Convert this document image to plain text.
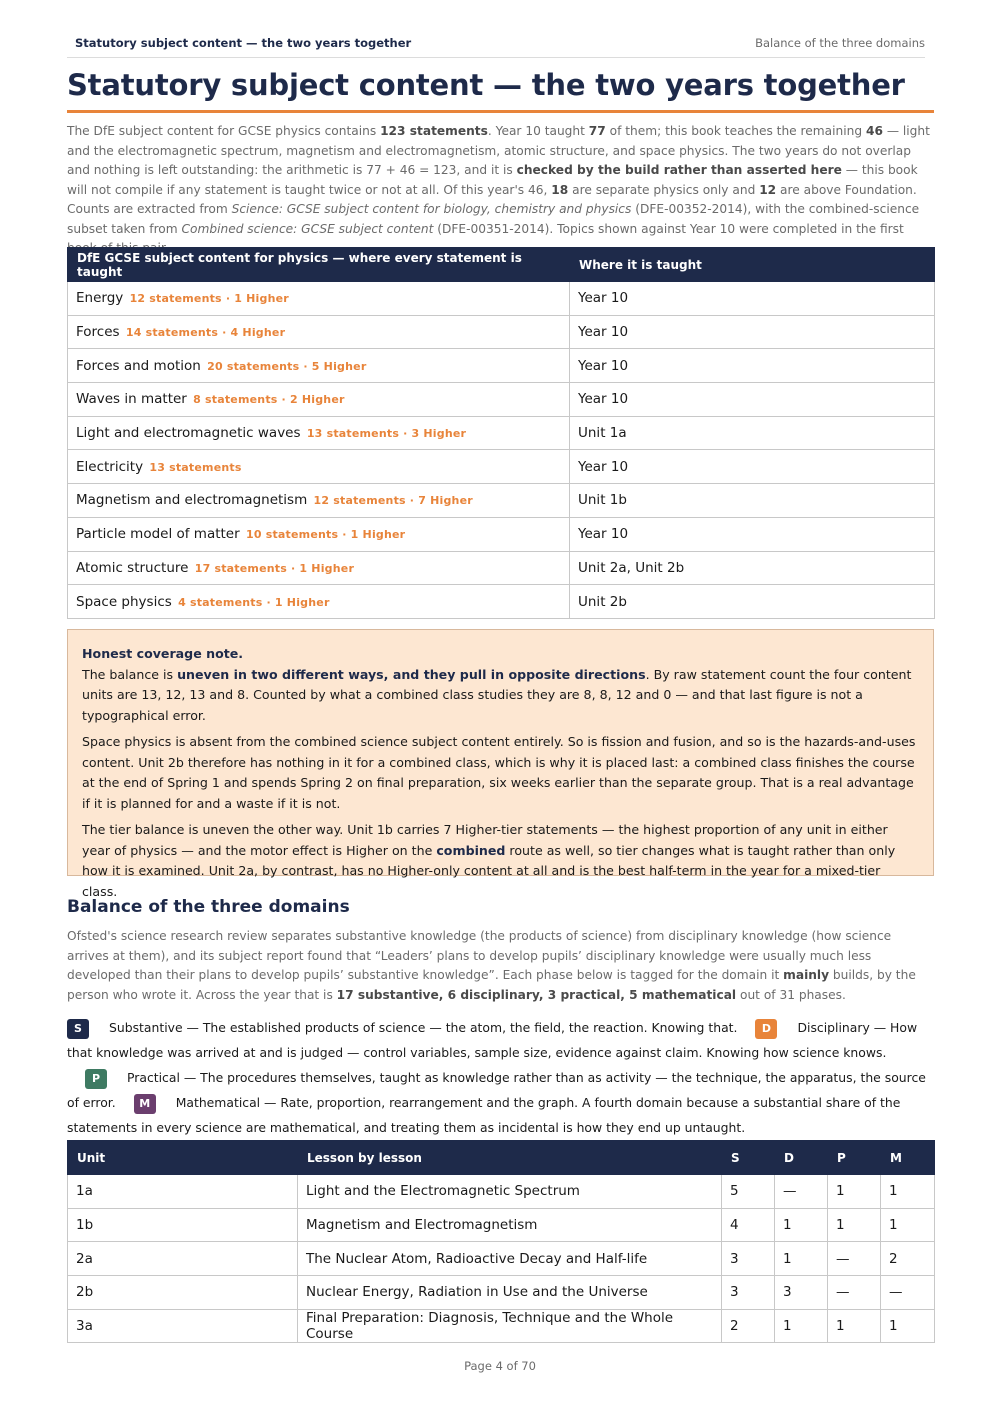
Statutory subject content — the two years together	Balance of the three domains
Statutory subject content — the two years together
The DfE subject content for GCSE physics contains 123 statements. Year 10 taught 77 of them; this book teaches the remaining 46 — light and the electromagnetic spectrum, magnetism and electromagnetism, atomic structure, and space physics. The two years do not overlap and nothing is left outstanding: the arithmetic is 77 + 46 = 123, and it is checked by the build rather than asserted here — this book will not compile if any statement is taught twice or not at all. Of this year's 46, 18 are separate physics only and 12 are above Foundation. Counts are extracted from Science: GCSE subject content for biology, chemistry and physics (DFE-00352-2014), with the combined-science subset taken from Combined science: GCSE subject content (DFE-00351-2014). Topics shown against Year 10 were completed in the first
DfE GCSE subject content for physics — where every statement is taught	Where it is taught
Energy 12 statements · 1 Higher	Year 10
Forces 14 statements · 4 Higher	Year 10
Forces and motion 20 statements · 5 Higher	Year 10
Waves in matter 8 statements · 2 Higher	Year 10
Light and electromagnetic waves 13 statements · 3 Higher	Unit 1a
Electricity 13 statements	Year 10
Magnetism and electromagnetism 12 statements · 7 Higher	Unit 1b
Particle model of matter 10 statements · 1 Higher	Year 10
Atomic structure 17 statements · 1 Higher	Unit 2a, Unit 2b
Space physics 4 statements · 1 Higher	Unit 2b
Honest coverage note.

The balance is uneven in two different ways, and they pull in opposite directions. By raw statement count the four content units are 13, 12, 13 and 8. Counted by what a combined class studies they are 8, 8, 12 and 0 — and that last figure is not a typographical error.

Space physics is absent from the combined science subject content entirely. So is fission and fusion, and so is the hazards-and-uses content. Unit 2b therefore has nothing in it for a combined class, which is why it is placed last: a combined class finishes the course at the end of Spring 1 and spends Spring 2 on final preparation, six weeks earlier than the separate group. That is a real advantage if it is planned for and a waste if it is not.

The tier balance is uneven the other way. Unit 1b carries 7 Higher-tier statements — the highest proportion of any unit in either year of physics — and the motor effect is Higher on the combined route as well, so tier changes what is taught rather than only how it is examined. Unit 2a, by contrast, has no Higher-only content at all and is the best half-term in the year for a mixed-tier class.

Balance of the three domains
Ofsted's science research review separates substantive knowledge (the products of science) from disciplinary knowledge (how science arrives at them), and its subject report found that “Leaders’ plans to develop pupils’ disciplinary knowledge were usually much less developed than their plans to develop pupils’ substantive knowledge”. Each phase below is tagged for the domain it mainly builds, by the person who wrote it. Across the year that is 17 substantive, 6 disciplinary, 3 practical, 5 mathematical out of 31 phases.
S Substantive — The established products of science — the atom, the field, the reaction. Knowing that. D Disciplinary — How that knowledge was arrived at and is judged — control variables, sample size, evidence against claim. Knowing how science knows.P Practical — The procedures themselves, taught as knowledge rather than as activity — the technique, the apparatus, the source of error. M Mathematical — Rate, proportion, rearrangement and the graph. A fourth domain because a substantial share of the statements in every science are mathematical, and treating them as incidental is how they end up untaught.
Unit	Lesson by lesson	S	D	P	M
1a	Light and the Electromagnetic Spectrum	5	—	1	1
1b	Magnetism and Electromagnetism	4	1	1	1
2a	The Nuclear Atom, Radioactive Decay and Half-life	3	1	—	2
2b	Nuclear Energy, Radiation in Use and the Universe	3	3	—	—
3a	Final Preparation: Diagnosis, Technique and the Whole Course	2	1	1	1
Page 4 of 70
